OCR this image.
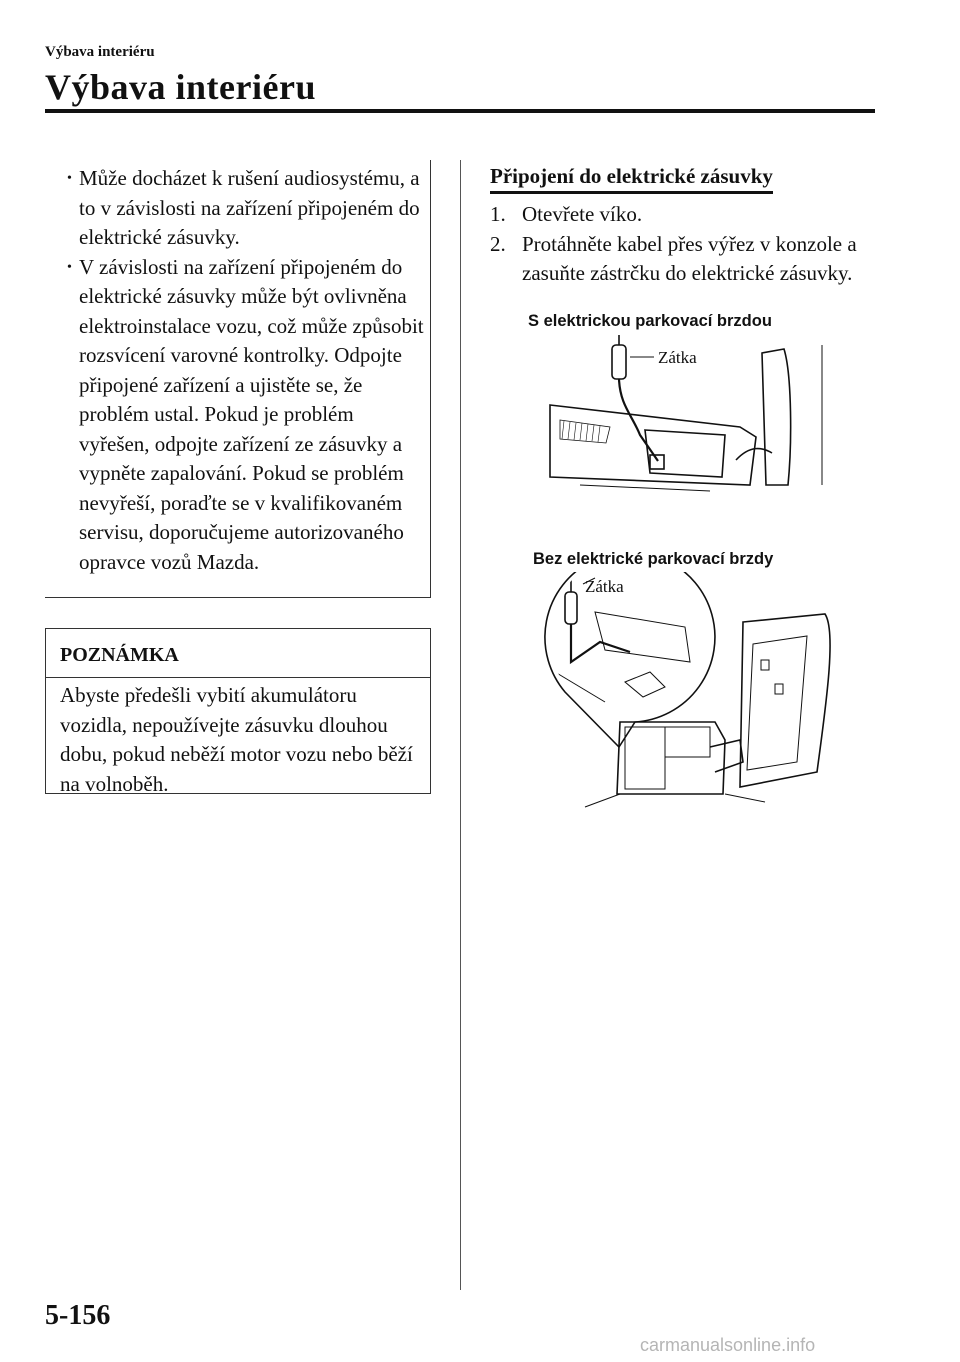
Výbava interiéru
Výbava interiéru
• Může docházet k rušení audiosystému, a to v závislosti na zařízení připojeném do elektrické zásuvky.
• V závislosti na zařízení připojeném do elektrické zásuvky může být ovlivněna elektroinstalace vozu, což může způsobit rozsvícení varovné kontrolky. Odpojte připojené zařízení a ujistěte se, že problém ustal. Pokud je problém vyřešen, odpojte zařízení ze zásuvky a vypněte zapalování. Pokud se problém nevyřeší, poraďte se v kvalifikovaném servisu, doporučujeme autorizovaného opravce vozů Mazda.
POZNÁMKA
Abyste předešli vybití akumulátoru vozidla, nepoužívejte zásuvku dlouhou dobu, pokud neběží motor vozu nebo běží na volnoběh.
Připojení do elektrické zásuvky
1. Otevřete víko.
2. Protáhněte kabel přes výřez v konzole a zasuňte zástrčku do elektrické zásuvky.
S elektrickou parkovací brzdou
Zátka
Bez elektrické parkovací brzdy
Zátka
5-156
carmanualsonline.info
